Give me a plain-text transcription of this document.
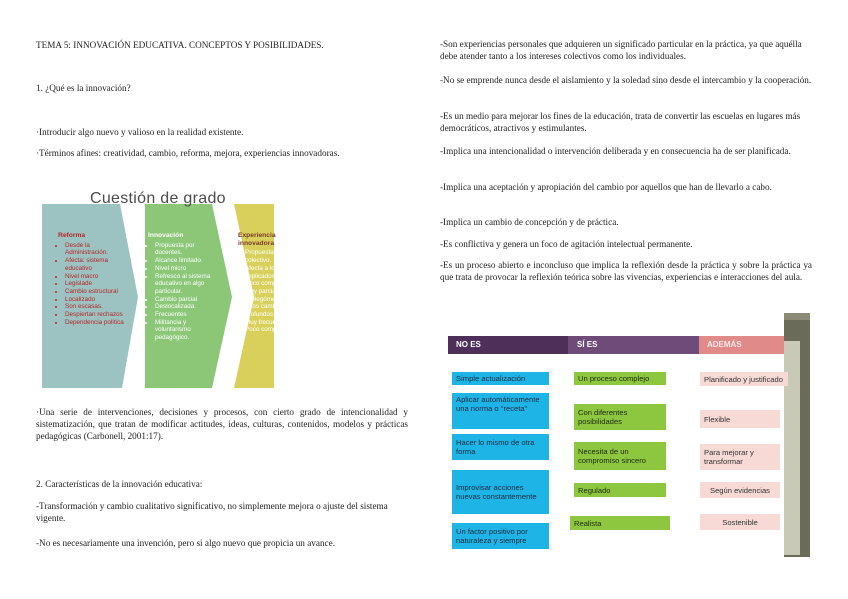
TEMA 5: INNOVACIÓN EDUCATIVA. CONCEPTOS Y POSIBILIDADES.

1. ¿Qué es la innovación?

·Introducir algo nuevo y valioso en la realidad existente.

·Términos afines: creatividad, cambio, reforma, mejora, experiencias innovadoras.

Cuestión de grado
Reforma
• Desde la Administración.
• Afecta: sistema educativo
• Nivel macro
• Legislade
• Cambio estructural
• Localizado
• Son escasas.
• Despiertan rechazos
• Dependencia política
Innovación
• Propuesta por docentes.
• Alcance limitado.
• Nivel micro
• Refresco al sistema educativo en algo particular.
• Cambio parcial
• Deslocalizada.
• Frecuentes
• Militancia y voluntarismo pedagógico.
Experiencia innovadora
• Propuestas por un colectivo.
• Afecta a los implicados.
• Poco compleja
• Muy parcial
• Prolegómenos de otros cambios más profundos
• Muy frecuentes
• Poco compromiso.

·Una serie de intervenciones, decisiones y procesos, con cierto grado de intencionalidad y sistematización, que tratan de modificar actitudes, ideas, culturas, contenidos, modelos y prácticas pedagógicas (Carbonell, 2001:17).

2. Características de la innovación educativa:

-Transformación y cambio cualitativo significativo, no simplemente mejora o ajuste del sistema vigente.

-No es necesariamente una invención, pero sí algo nuevo que propicia un avance.

-Son experiencias personales que adquieren un significado particular en la práctica, ya que aquélla debe atender tanto a los intereses colectivos como los individuales.

-No se emprende nunca desde el aislamiento y la soledad sino desde el intercambio y la cooperación.

-Es un medio para mejorar los fines de la educación, trata de convertir las escuelas en lugares más democráticos, atractivos y estimulantes.

-Implica una intencionalidad o intervención deliberada y en consecuencia ha de ser planificada.

-Implica una aceptación y apropiación del cambio por aquellos que han de llevarlo a cabo.

-Implica un cambio de concepción y de práctica.

-Es conflictiva y genera un foco de agitación intelectual permanente.

-Es un proceso abierto e inconcluso que implica la reflexión desde la práctica y sobre la práctica ya que trata de provocar la reflexión teórica sobre las vivencias, experiencias e interacciones del aula.

NO ES	SÍ ES	ADEMÁS
Simple actualización
Aplicar automáticamente una norma o "receta"
Hacer lo mismo de otra forma
Improvisar acciones nuevas constantemente
Un factor positivo por naturaleza y siempre
Un proceso complejo
Con diferentes posibilidades
Necesita de un compromiso sincero
Regulado
Realista
Planificado y justificado
Flexible
Para mejorar y transformar
Según evidencias
Sostenible
